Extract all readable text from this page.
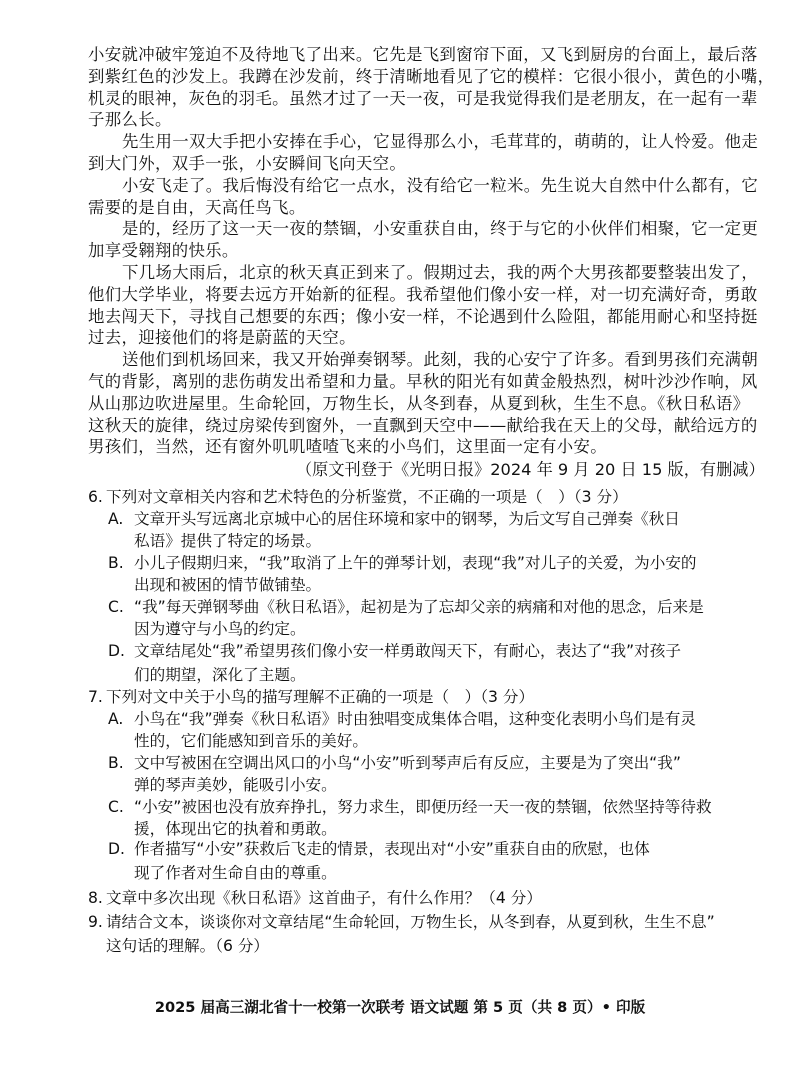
小安就冲破牢笼迫不及待地飞了出来。它先是飞到窗帘下面，又飞到厨房的台面上，最后落
到紫红色的沙发上。我蹲在沙发前，终于清晰地看见了它的模样：它很小很小，黄色的小嘴，
机灵的眼神，灰色的羽毛。虽然才过了一天一夜，可是我觉得我们是老朋友，在一起有一辈
子那么长。
先生用一双大手把小安捧在手心，它显得那么小，毛茸茸的，萌萌的，让人怜爱。他走
到大门外，双手一张，小安瞬间飞向天空。
小安飞走了。我后悔没有给它一点水，没有给它一粒米。先生说大自然中什么都有，它
需要的是自由，天高任鸟飞。
是的，经历了这一天一夜的禁锢，小安重获自由，终于与它的小伙伴们相聚，它一定更
加享受翱翔的快乐。
下几场大雨后，北京的秋天真正到来了。假期过去，我的两个大男孩都要整装出发了，
他们大学毕业，将要去远方开始新的征程。我希望他们像小安一样，对一切充满好奇，勇敢
地去闯天下，寻找自己想要的东西；像小安一样，不论遇到什么险阻，都能用耐心和坚持挺
过去，迎接他们的将是蔚蓝的天空。
送他们到机场回来，我又开始弹奏钢琴。此刻，我的心安宁了许多。看到男孩们充满朝
气的背影，离别的悲伤萌发出希望和力量。早秋的阳光有如黄金般热烈，树叶沙沙作响，风
从山那边吹进屋里。生命轮回，万物生长，从冬到春，从夏到秋，生生不息。《秋日私语》
这秋天的旋律，绕过房梁传到窗外，一直飘到天空中——献给我在天上的父母，献给远方的
男孩们，当然，还有窗外叽叽喳喳飞来的小鸟们，这里面一定有小安。
（原文刊登于《光明日报》2024 年 9 月 20 日 15 版，有删减）
6. 下列对文章相关内容和艺术特色的分析鉴赏，不正确的一项是（　）（3 分）
A. 文章开头写远离北京城中心的居住环境和家中的钢琴，为后文写自己弹奏《秋日
私语》提供了特定的场景。
B. 小儿子假期归来，“我”取消了上午的弹琴计划，表现“我”对儿子的关爱，为小安的
出现和被困的情节做铺垫。
C. “我”每天弹钢琴曲《秋日私语》，起初是为了忘却父亲的病痛和对他的思念，后来是
因为遵守与小鸟的约定。
D. 文章结尾处“我”希望男孩们像小安一样勇敢闯天下，有耐心，表达了“我”对孩子
们的期望，深化了主题。
7. 下列对文中关于小鸟的描写理解不正确的一项是（　）（3 分）
A. 小鸟在“我”弹奏《秋日私语》时由独唱变成集体合唱，这种变化表明小鸟们是有灵
性的，它们能感知到音乐的美好。
B. 文中写被困在空调出风口的小鸟“小安”听到琴声后有反应，主要是为了突出“我”
弹的琴声美妙，能吸引小安。
C. “小安”被困也没有放弃挣扎，努力求生，即便历经一天一夜的禁锢，依然坚持等待救
援，体现出它的执着和勇敢。
2025 届高三湖北省十一校第一次联考 语文试题 第 5 页（共 8 页）• 印版
D. 作者描写“小安”获救后飞走的情景，表现出对“小安”重获自由的欣慰，也体
现了作者对生命自由的尊重。
8. 文章中多次出现《秋日私语》这首曲子，有什么作用？（4 分）
9. 请结合文本，谈谈你对文章结尾“生命轮回，万物生长，从冬到春，从夏到秋，生生不息”
这句话的理解。（6 分）
